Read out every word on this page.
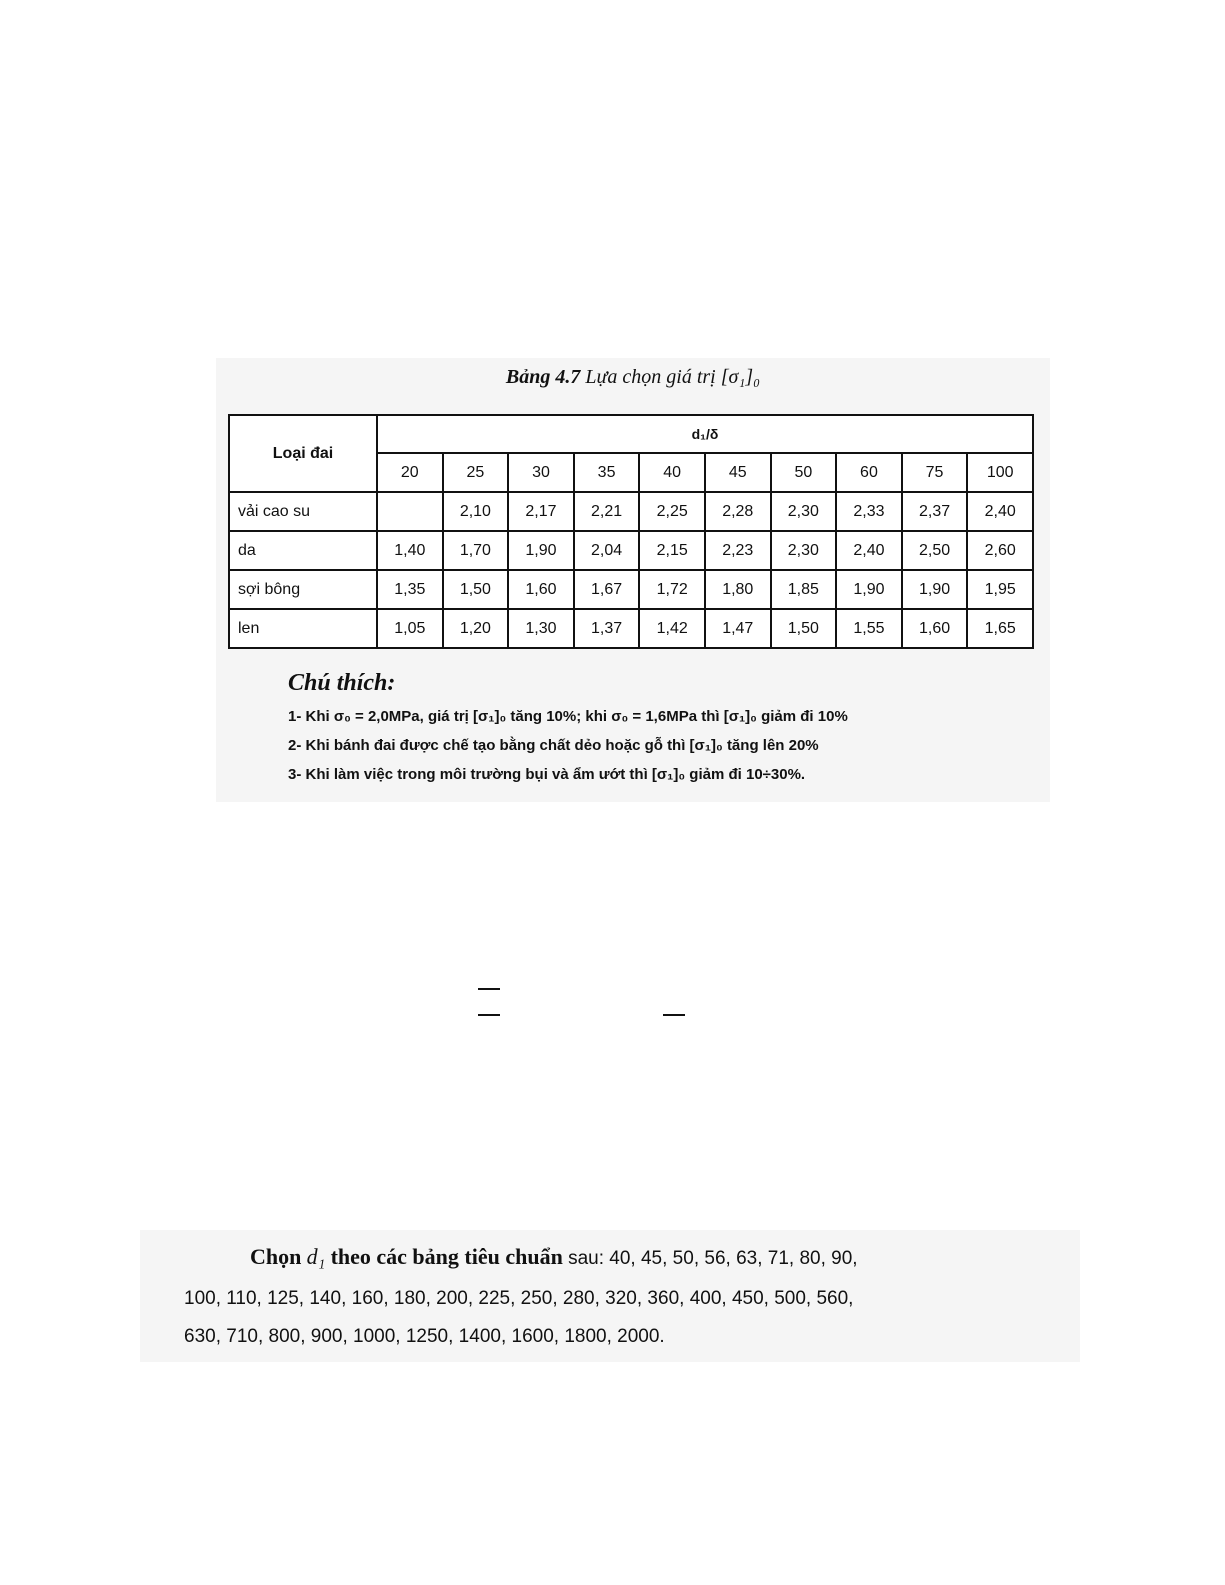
Bảng 4.7 Lựa chọn giá trị [σ₁]₀
Loại đai	d₁/δ									
	20	25	30	35	40	45	50	60	75	100
vải cao su		2,10	2,17	2,21	2,25	2,28	2,30	2,33	2,37	2,40
da	1,40	1,70	1,90	2,04	2,15	2,23	2,30	2,40	2,50	2,60
sợi bông	1,35	1,50	1,60	1,67	1,72	1,80	1,85	1,90	1,90	1,95
len	1,05	1,20	1,30	1,37	1,42	1,47	1,50	1,55	1,60	1,65
Chú thích:
1- Khi σ₀ = 2,0MPa, giá trị [σ₁]₀ tăng 10%; khi σ₀ = 1,6MPa thì [σ₁]₀ giảm đi 10%
2- Khi bánh đai được chế tạo bằng chất dẻo hoặc gỗ thì [σ₁]₀ tăng lên 20%
3- Khi làm việc trong môi trường bụi và ẩm ướt thì [σ₁]₀ giảm đi 10÷30%.
Chọn d₁ theo các bảng tiêu chuẩn sau: 40, 45, 50, 56, 63, 71, 80, 90,
100, 110, 125, 140, 160, 180, 200, 225, 250, 280, 320, 360, 400, 450, 500, 560,
630, 710, 800, 900, 1000, 1250, 1400, 1600, 1800, 2000.
